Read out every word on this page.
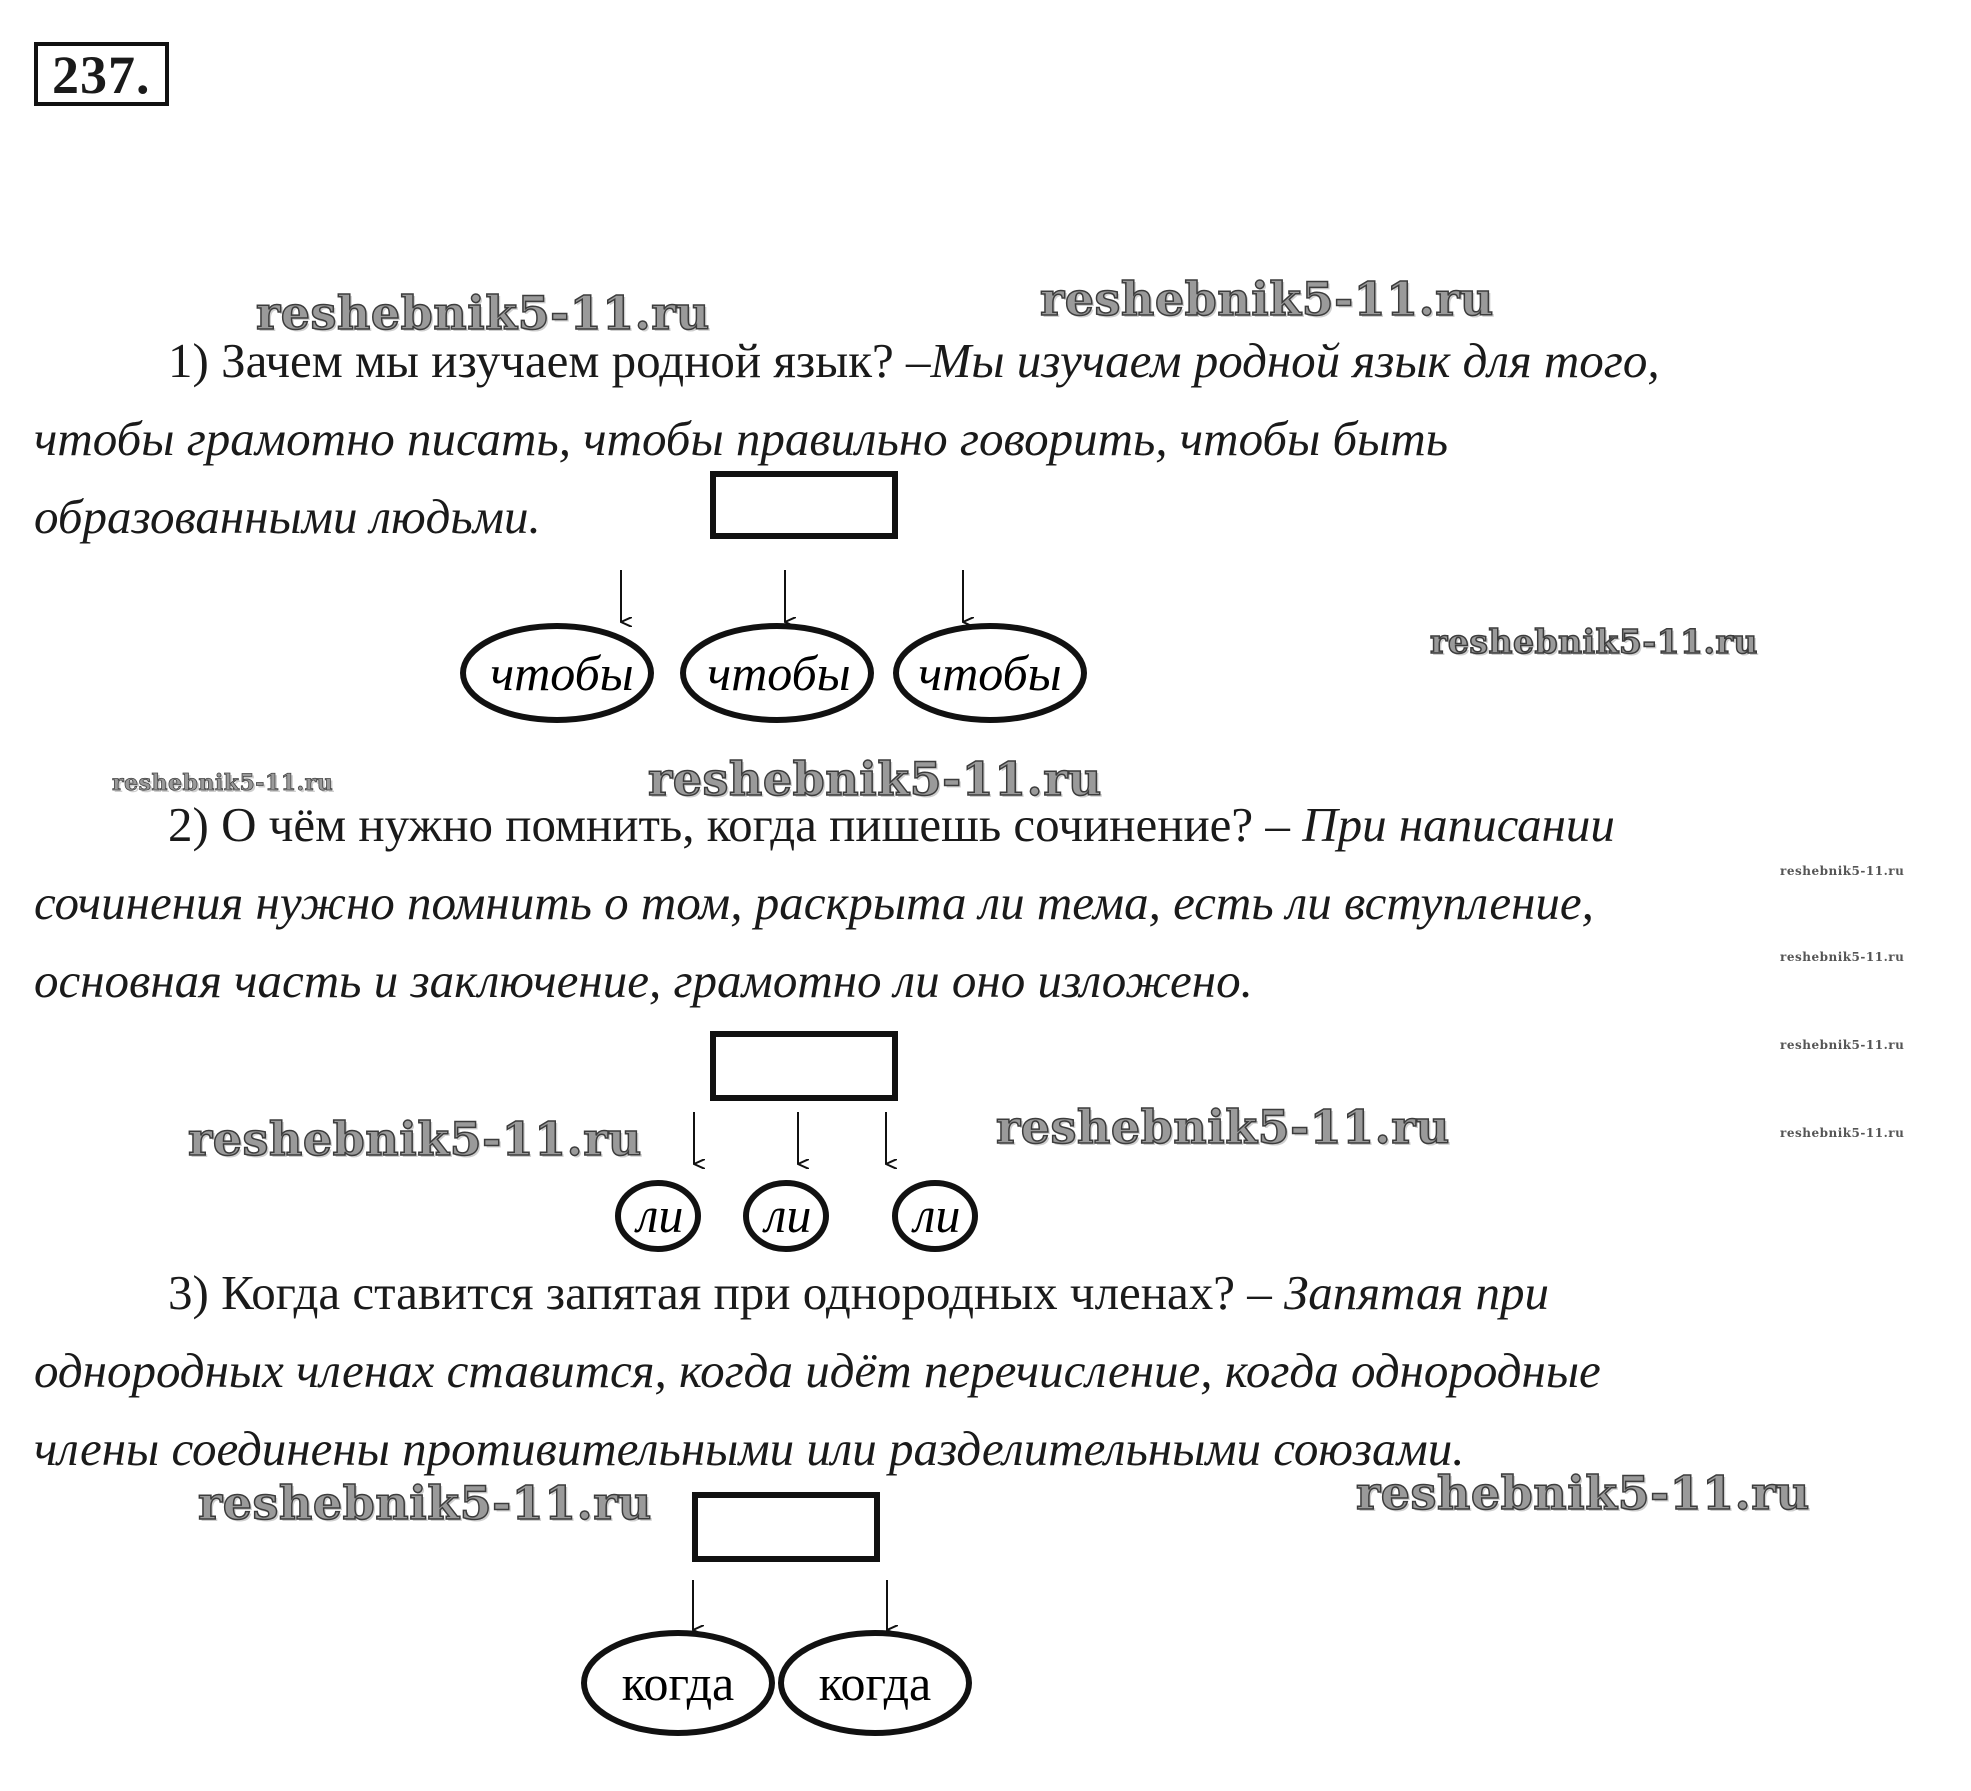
237.
1) Зачем мы изучаем родной язык? –Мы изучаем родной язык для того,
чтобы грамотно писать, чтобы правильно говорить, чтобы быть
образованными людьми.
2) О чём нужно помнить, когда пишешь сочинение? – При написании
сочинения нужно помнить о том, раскрыта ли тема, есть ли вступление,
основная часть и заключение, грамотно ли оно изложено.
3) Когда ставится запятая при однородных членах? – Запятая при
однородных членах ставится, когда идёт перечисление, когда однородные
члены соединены противительными или разделительными союзами.
чтобы чтобы чтобы
ли ли ли
когда когда
reshebnik5-11.ru	reshebnik5-11.ru
reshebnik5-11.ru
reshebnik5-11.ru	reshebnik5-11.ru
reshebnik5-11.ru
reshebnik5-11.ru
reshebnik5-11.ru
reshebnik5-11.ru
reshebnik5-11.ru	reshebnik5-11.ru
reshebnik5-11.ru	reshebnik5-11.ru
